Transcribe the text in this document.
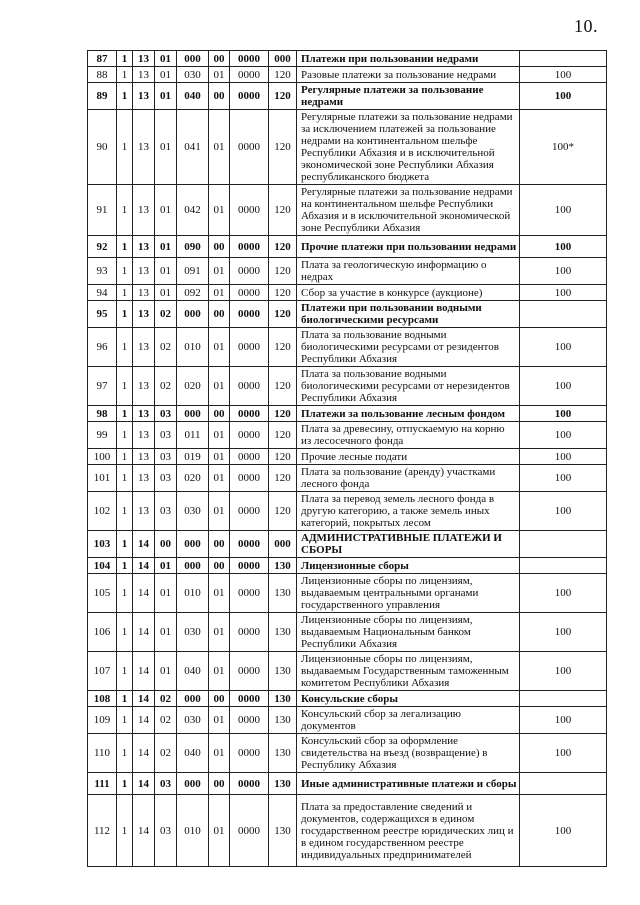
10.
87	1	13	01	000	00	0000	000	Платежи при пользовании недрами	
88	1	13	01	030	01	0000	120	Разовые платежи за пользование недрами	100
89	1	13	01	040	00	0000	120	Регулярные платежи за пользование недрами	100
90	1	13	01	041	01	0000	120	Регулярные платежи за пользование недрами за исключением платежей за пользование недрами на континентальном шельфе Республики Абхазия и в исключительной экономической зоне Республики Абхазия республиканского бюджета	100*
91	1	13	01	042	01	0000	120	Регулярные платежи за пользование недрами на континентальном шельфе Республики Абхазия и в исключительной экономической зоне Республики Абхазия	100
92	1	13	01	090	00	0000	120	Прочие платежи при пользовании недрами	100
93	1	13	01	091	01	0000	120	Плата за геологическую информацию о недрах	100
94	1	13	01	092	01	0000	120	Сбор за участие в конкурсе (аукционе)	100
95	1	13	02	000	00	0000	120	Платежи при пользовании водными биологическими ресурсами	
96	1	13	02	010	01	0000	120	Плата за пользование водными биологическими ресурсами от резидентов Республики Абхазия	100
97	1	13	02	020	01	0000	120	Плата за пользование водными биологическими ресурсами от нерезидентов Республики Абхазия	100
98	1	13	03	000	00	0000	120	Платежи за пользование лесным фондом	100
99	1	13	03	011	01	0000	120	Плата за древесину, отпускаемую на корню из лесосечного фонда	100
100	1	13	03	019	01	0000	120	Прочие лесные подати	100
101	1	13	03	020	01	0000	120	Плата за пользование (аренду) участками лесного фонда	100
102	1	13	03	030	01	0000	120	Плата за перевод земель лесного фонда в другую категорию, а также земель иных категорий, покрытых лесом	100
103	1	14	00	000	00	0000	000	АДМИНИСТРАТИВНЫЕ ПЛАТЕЖИ И СБОРЫ	
104	1	14	01	000	00	0000	130	Лицензионные сборы	
105	1	14	01	010	01	0000	130	Лицензионные сборы по лицензиям, выдаваемым центральными органами государственного управления	100
106	1	14	01	030	01	0000	130	Лицензионные сборы по лицензиям, выдаваемым Национальным банком Республики Абхазия	100
107	1	14	01	040	01	0000	130	Лицензионные сборы по лицензиям, выдаваемым Государственным таможенным комитетом Республики Абхазия	100
108	1	14	02	000	00	0000	130	Консульские сборы	
109	1	14	02	030	01	0000	130	Консульский сбор за легализацию документов	100
110	1	14	02	040	01	0000	130	Консульский сбор за оформление свидетельства на въезд (возвращение) в Республику Абхазия	100
111	1	14	03	000	00	0000	130	Иные административные платежи и сборы	
112	1	14	03	010	01	0000	130	Плата за предоставление сведений и документов, содержащихся в едином государственном реестре юридических лиц и в едином государственном реестре индивидуальных предпринимателей	100
